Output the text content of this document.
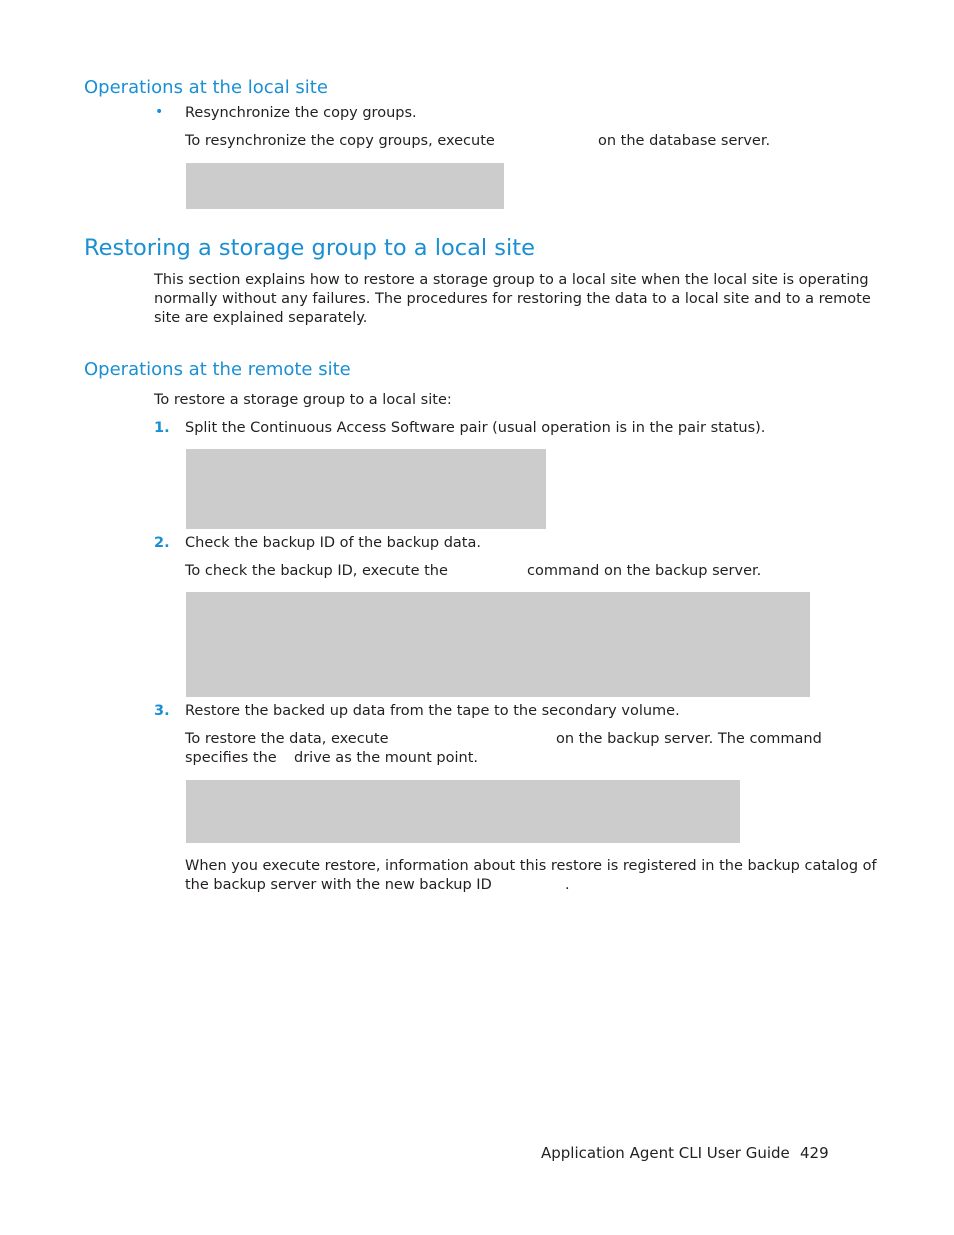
Operations at the local site
• Resynchronize the copy groups.
To resynchronize the copy groups, execute	on the database server.
Restoring a storage group to a local site
This section explains how to restore a storage group to a local site when the local site is operating
normally without any failures. The procedures for restoring the data to a local site and to a remote
site are explained separately.
Operations at the remote site
To restore a storage group to a local site:
1. Split the Continuous Access Software pair (usual operation is in the pair status).
2. Check the backup ID of the backup data.
To check the backup ID, execute the	command on the backup server.
3. Restore the backed up data from the tape to the secondary volume.
To restore the data, execute	on the backup server. The command
specifies the drive as the mount point.
When you execute restore, information about this restore is registered in the backup catalog of
the backup server with the new backup ID	.
Application Agent CLI User Guide 429
